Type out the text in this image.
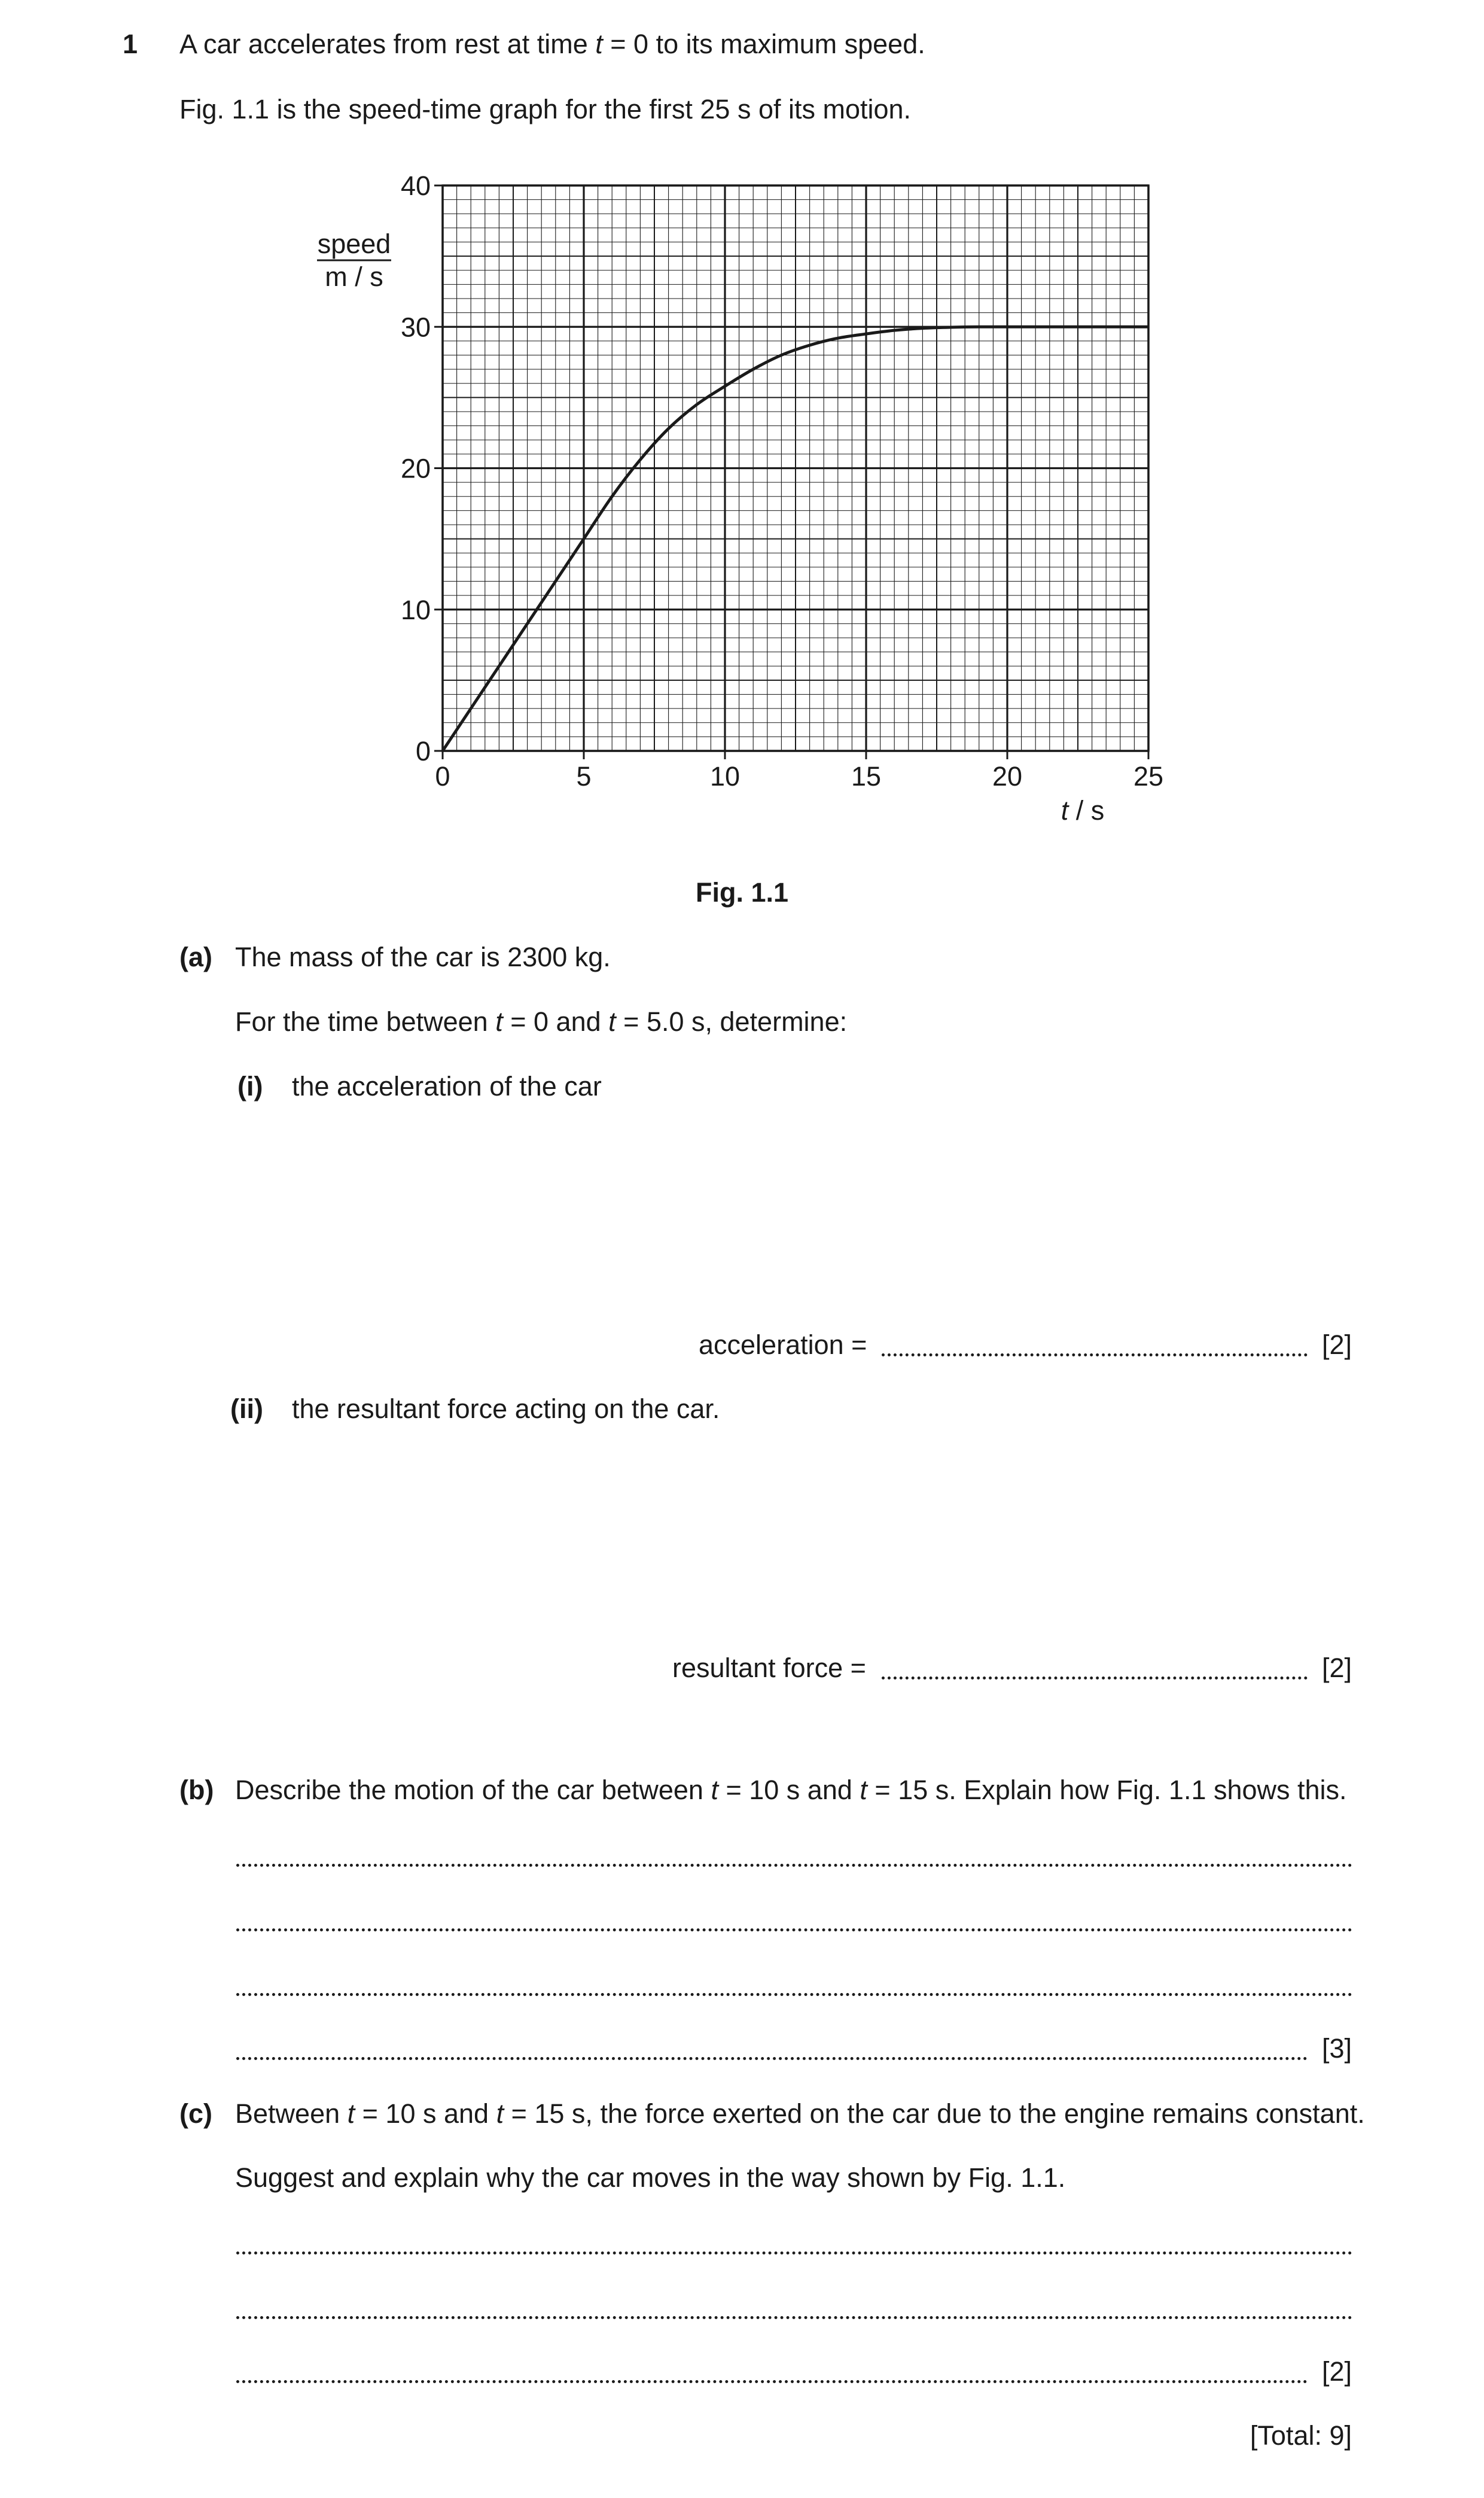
1 A car accelerates from rest at time t = 0 to its maximum speed.
Fig. 1.1 is the speed-time graph for the first 25 s of its motion.
0	5	10	15	20	25
0
10
20
30
40
speed
m / s
t / s
Fig. 1.1
(a) The mass of the car is 2300 kg.
For the time between t = 0 and t = 5.0 s, determine:
(i) the acceleration of the car
acceleration =	[2]
(ii) the resultant force acting on the car.
resultant force =	[2]
(b) Describe the motion of the car between t = 10 s and t = 15 s. Explain how Fig. 1.1 shows this.
[3]
(c) Between t = 10 s and t = 15 s, the force exerted on the car due to the engine remains constant.
Suggest and explain why the car moves in the way shown by Fig. 1.1.
[2]
[Total: 9]
